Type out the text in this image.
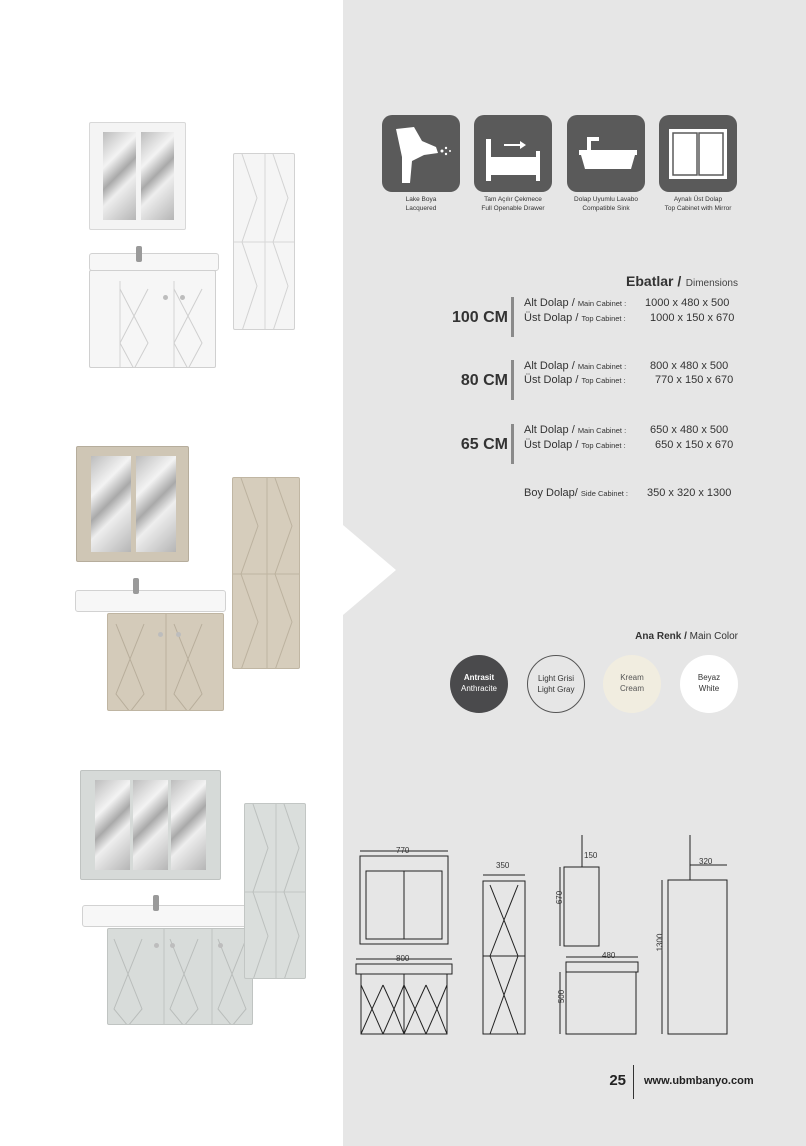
Lake Boya
Lacquered
Tam Açılır Çekmece
Full Openable Drawer
Dolap Uyumlu Lavabo
Compatible Sink
Aynalı Üst Dolap
Top Cabinet with Mirror
Ebatlar / Dimensions
100 CM
Alt Dolap / Main Cabinet : 1000 x 480 x 500
Üst Dolap / Top Cabinet : 1000 x 150 x 670
80 CM
Alt Dolap / Main Cabinet : 800 x 480 x 500
Üst Dolap / Top Cabinet :	770 x 150 x 670
65 CM
Alt Dolap / Main Cabinet : 650 x 480 x 500
Üst Dolap / Top Cabinet :	650 x 150 x 670
Boy Dolap/ Side Cabinet : 350 x 320 x 1300
Ana Renk / Main Color
Antrasit
Anthracite
Light Grisi
Light Gray
Kream
Cream
Beyaz
White
770
800
350
150
670
480
500
1300
320
25 www.ubmbanyo.com
